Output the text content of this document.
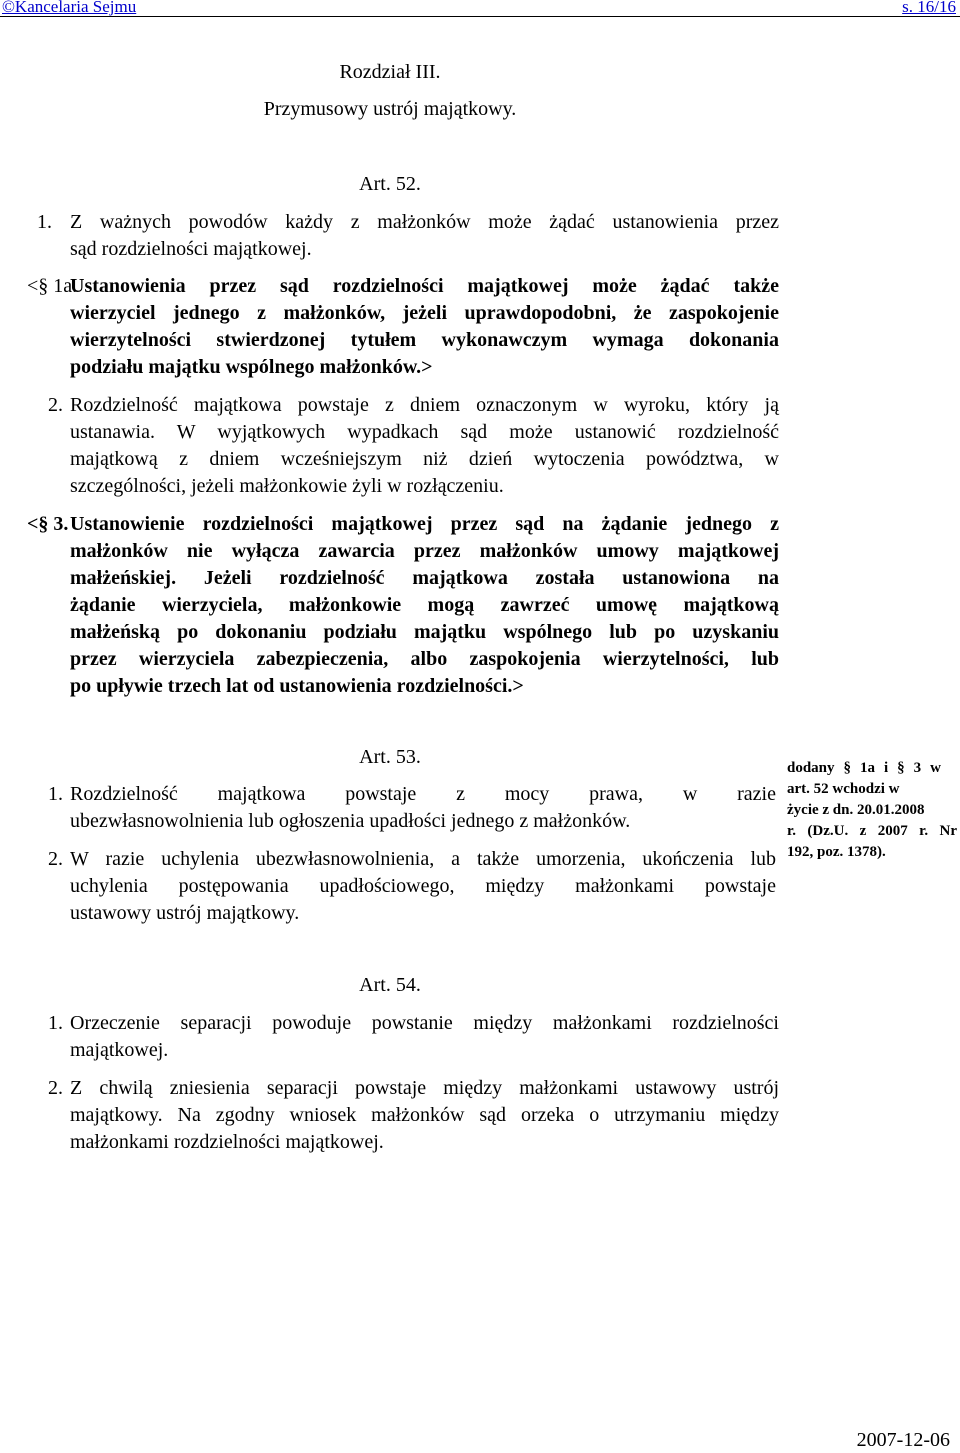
©Kancelaria Sejmu	s. 16/16
Rozdział III.
Przymusowy ustrój majątkowy.
Art. 52.
1. Z ważnych powodów każdy z małżonków może żądać ustanowienia przez
sąd rozdzielności majątkowej.
<§ 1a.
Ustanowienia przez sąd rozdzielności majątkowej może żądać także
wierzyciel jednego z małżonków, jeżeli uprawdopodobni, że zaspokojenie
wierzytelności stwierdzonej tytułem wykonawczym wymaga dokonania
podziału majątku wspólnego małżonków.>
2. Rozdzielność majątkowa powstaje z dniem oznaczonym w wyroku, który ją
ustanawia. W wyjątkowych wypadkach sąd może ustanowić rozdzielność
majątkową z dniem wcześniejszym niż dzień wytoczenia powództwa, w
szczególności, jeżeli małżonkowie żyli w rozłączeniu.
<§ 3. Ustanowienie rozdzielności majątkowej przez sąd na żądanie jednego z
małżonków nie wyłącza zawarcia przez małżonków umowy majątkowej
małżeńskiej. Jeżeli rozdzielność majątkowa została ustanowiona na
żądanie wierzyciela, małżonkowie mogą zawrzeć umowę majątkową
małżeńską po dokonaniu podziału majątku wspólnego lub po uzyskaniu
przez wierzyciela zabezpieczenia, albo zaspokojenia wierzytelności, lub
po upływie trzech lat od ustanowienia rozdzielności.>
Art. 53.
1. Rozdzielność majątkowa powstaje z mocy prawa, w razie
ubezwłasnowolnienia lub ogłoszenia upadłości jednego z małżonków.
2. W razie uchylenia ubezwłasnowolnienia, a także umorzenia, ukończenia lub
uchylenia postępowania upadłościowego, między małżonkami powstaje
ustawowy ustrój majątkowy.
dodany § 1a i § 3 w
art. 52 wchodzi w
życie z dn. 20.01.2008
r. (Dz.U. z 2007 r. Nr
192, poz. 1378).
Art. 54.
1. Orzeczenie separacji powoduje powstanie między małżonkami rozdzielności
majątkowej.
2. Z chwilą zniesienia separacji powstaje między małżonkami ustawowy ustrój
majątkowy. Na zgodny wniosek małżonków sąd orzeka o utrzymaniu między
małżonkami rozdzielności majątkowej.
2007-12-06
